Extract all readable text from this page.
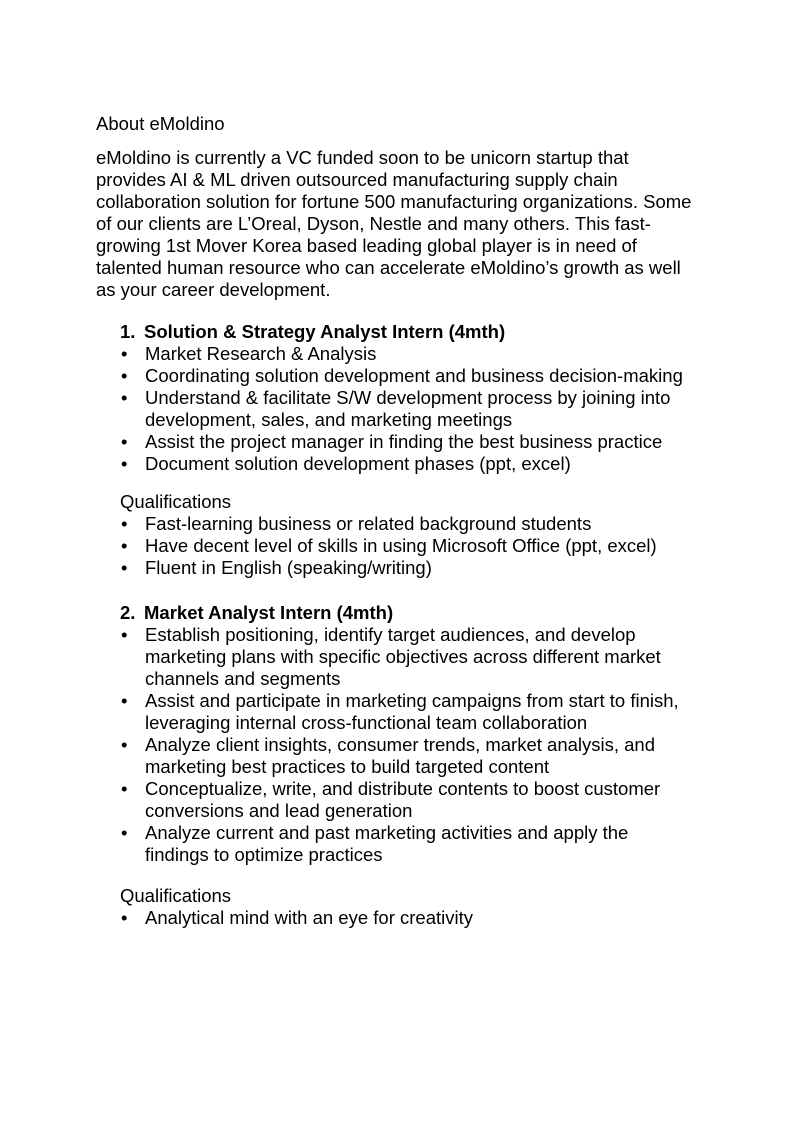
About eMoldino

eMoldino is currently a VC funded soon to be unicorn startup that provides AI & ML driven outsourced manufacturing supply chain collaboration solution for fortune 500 manufacturing organizations. Some of our clients are L’Oreal, Dyson, Nestle and many others. This fast-growing 1st Mover Korea based leading global player is in need of talented human resource who can accelerate eMoldino’s growth as well as your career development.

1. Solution & Strategy Analyst Intern (4mth)

• Market Research & Analysis
• Coordinating solution development and business decision-making
• Understand & facilitate S/W development process by joining into development, sales, and marketing meetings
• Assist the project manager in finding the best business practice
• Document solution development phases (ppt, excel)

Qualifications

• Fast-learning business or related background students
• Have decent level of skills in using Microsoft Office (ppt, excel)
• Fluent in English (speaking/writing)

2. Market Analyst Intern (4mth)

• Establish positioning, identify target audiences, and develop marketing plans with specific objectives across different market channels and segments
• Assist and participate in marketing campaigns from start to finish, leveraging internal cross-functional team collaboration
• Analyze client insights, consumer trends, market analysis, and marketing best practices to build targeted content
• Conceptualize, write, and distribute contents to boost customer conversions and lead generation
• Analyze current and past marketing activities and apply the findings to optimize practices

Qualifications

• Analytical mind with an eye for creativity
